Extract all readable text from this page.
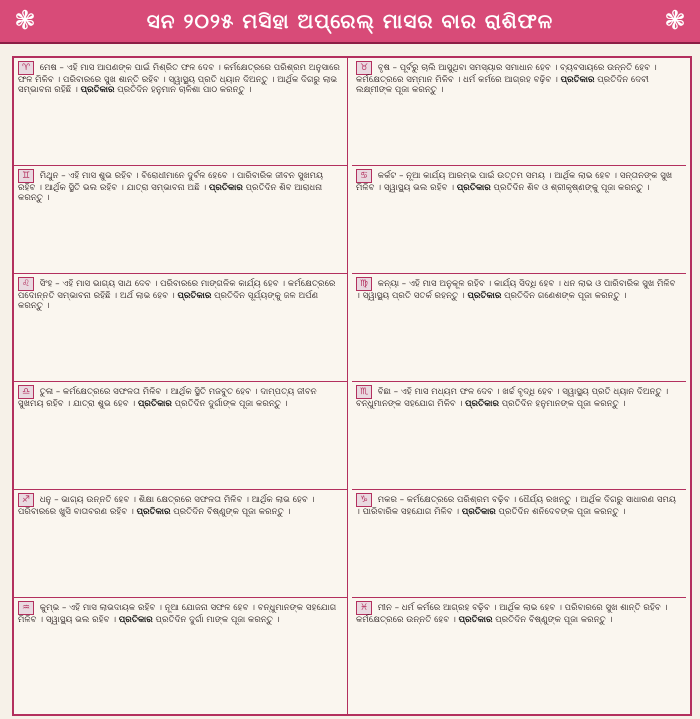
❃	ସନ ୨୦୨୫ ମସିହା ଅପ୍ରେଲ୍ ମାସର ବାର ରାଶିଫଳ	❃
♈ ମେଷ – ଏହି ମାସ ଆପଣଙ୍କ ପାଇଁ ମିଶ୍ରିତ ଫଳ ଦେବ । କର୍ମକ୍ଷେତ୍ରରେ ପରିଶ୍ରମ ଅନୁସାରେ ଫଳ ମିଳିବ । ପରିବାରରେ ସୁଖ ଶାନ୍ତି ରହିବ । ସ୍ୱାସ୍ଥ୍ୟ ପ୍ରତି ଧ୍ୟାନ ଦିଅନ୍ତୁ । ଆର୍ଥିକ ଦିଗରୁ ଲାଭ ସମ୍ଭାବନା ରହିଛି । ପ୍ରତିକାର ପ୍ରତିଦିନ ହନୁମାନ ଚାଳିଶା ପାଠ କରନ୍ତୁ ।
♉ ବୃଷ – ପୂର୍ବରୁ ଚାଲି ଆସୁଥିବା ସମସ୍ୟାର ସମାଧାନ ହେବ । ବ୍ୟବସାୟରେ ଉନ୍ନତି ହେବ । କର୍ମକ୍ଷେତ୍ରରେ ସମ୍ମାନ ମିଳିବ । ଧର୍ମ କର୍ମରେ ଆଗ୍ରହ ବଢ଼ିବ । ପ୍ରତିକାର ପ୍ରତିଦିନ ଦେବୀ ଲକ୍ଷ୍ମୀଙ୍କ ପୂଜା କରନ୍ତୁ ।
♊ ମିଥୁନ – ଏହି ମାସ ଶୁଭ ରହିବ । ବିରୋଧୀମାନେ ଦୁର୍ବଳ ହେବେ । ପାରିବାରିକ ଜୀବନ ସୁଖମୟ ରହିବ । ଆର୍ଥିକ ସ୍ଥିତି ଭଲ ରହିବ । ଯାତ୍ରା ସମ୍ଭାବନା ଅଛି । ପ୍ରତିକାର ପ୍ରତିଦିନ ଶିବ ଆରାଧନା କରନ୍ତୁ ।
♋ କର୍କଟ – ନୂଆ କାର୍ଯ୍ୟ ଆରମ୍ଭ ପାଇଁ ଉତ୍ତମ ସମୟ । ଆର୍ଥିକ ଲାଭ ହେବ । ସନ୍ତାନଙ୍କ ସୁଖ ମିଳିବ । ସ୍ୱାସ୍ଥ୍ୟ ଭଲ ରହିବ । ପ୍ରତିକାର ପ୍ରତିଦିନ ଶିବ ଓ ଶ୍ରୀକୃଷ୍ଣଙ୍କୁ ପୂଜା କରନ୍ତୁ ।
♌ ସିଂହ – ଏହି ମାସ ଭାଗ୍ୟ ସାଥ ଦେବ । ପରିବାରରେ ମାଙ୍ଗଳିକ କାର୍ଯ୍ୟ ହେବ । କର୍ମକ୍ଷେତ୍ରରେ ପଦୋନ୍ନତି ସମ୍ଭାବନା ରହିଛି । ଅର୍ଥ ଲାଭ ହେବ । ପ୍ରତିକାର ପ୍ରତିଦିନ ସୂର୍ଯ୍ୟଙ୍କୁ ଜଳ ଅର୍ପଣ କରନ୍ତୁ ।
♍ କନ୍ୟା – ଏହି ମାସ ଅନୁକୂଳ ରହିବ । କାର୍ଯ୍ୟ ସିଦ୍ଧି ହେବ । ଧନ ଲାଭ ଓ ପାରିବାରିକ ସୁଖ ମିଳିବ । ସ୍ୱାସ୍ଥ୍ୟ ପ୍ରତି ସତର୍କ ରହନ୍ତୁ । ପ୍ରତିକାର ପ୍ରତିଦିନ ଗଣେଶଙ୍କ ପୂଜା କରନ୍ତୁ ।
♎ ତୁଳା – କର୍ମକ୍ଷେତ୍ରରେ ସଫଳତା ମିଳିବ । ଆର୍ଥିକ ସ୍ଥିତି ମଜବୁତ ହେବ । ଦାମ୍ପତ୍ୟ ଜୀବନ ସୁଖମୟ ରହିବ । ଯାତ୍ରା ଶୁଭ ହେବ । ପ୍ରତିକାର ପ୍ରତିଦିନ ଦୁର୍ଗାଙ୍କ ପୂଜା କରନ୍ତୁ ।
♏ ବିଛା – ଏହି ମାସ ମଧ୍ୟମ ଫଳ ଦେବ । ଖର୍ଚ୍ଚ ବୃଦ୍ଧି ହେବ । ସ୍ୱାସ୍ଥ୍ୟ ପ୍ରତି ଧ୍ୟାନ ଦିଅନ୍ତୁ । ବନ୍ଧୁମାନଙ୍କ ସହଯୋଗ ମିଳିବ । ପ୍ରତିକାର ପ୍ରତିଦିନ ହନୁମାନଙ୍କ ପୂଜା କରନ୍ତୁ ।
♐ ଧନୁ – ଭାଗ୍ୟ ଉନ୍ନତି ହେବ । ଶିକ୍ଷା କ୍ଷେତ୍ରରେ ସଫଳତା ମିଳିବ । ଆର୍ଥିକ ଲାଭ ହେବ । ପରିବାରରେ ଖୁସି ବାତାବରଣ ରହିବ । ପ୍ରତିକାର ପ୍ରତିଦିନ ବିଷ୍ଣୁଙ୍କ ପୂଜା କରନ୍ତୁ ।
♑ ମକର – କର୍ମକ୍ଷେତ୍ରରେ ପରିଶ୍ରମ ବଢ଼ିବ । ଧୈର୍ଯ୍ୟ ରଖନ୍ତୁ । ଆର୍ଥିକ ଦିଗରୁ ସାଧାରଣ ସମୟ । ପାରିବାରିକ ସହଯୋଗ ମିଳିବ । ପ୍ରତିକାର ପ୍ରତିଦିନ ଶନିଦେବଙ୍କ ପୂଜା କରନ୍ତୁ ।
♒ କୁମ୍ଭ – ଏହି ମାସ ଲାଭଦାୟକ ରହିବ । ନୂଆ ଯୋଜନା ସଫଳ ହେବ । ବନ୍ଧୁମାନଙ୍କ ସହଯୋଗ ମିଳିବ । ସ୍ୱାସ୍ଥ୍ୟ ଭଲ ରହିବ । ପ୍ରତିକାର ପ୍ରତିଦିନ ଦୁର୍ଗା ମାଙ୍କ ପୂଜା କରନ୍ତୁ ।
♓ ମୀନ – ଧର୍ମ କର୍ମରେ ଆଗ୍ରହ ବଢ଼ିବ । ଆର୍ଥିକ ଲାଭ ହେବ । ପରିବାରରେ ସୁଖ ଶାନ୍ତି ରହିବ । କର୍ମକ୍ଷେତ୍ରରେ ଉନ୍ନତି ହେବ । ପ୍ରତିକାର ପ୍ରତିଦିନ ବିଷ୍ଣୁଙ୍କ ପୂଜା କରନ୍ତୁ ।
